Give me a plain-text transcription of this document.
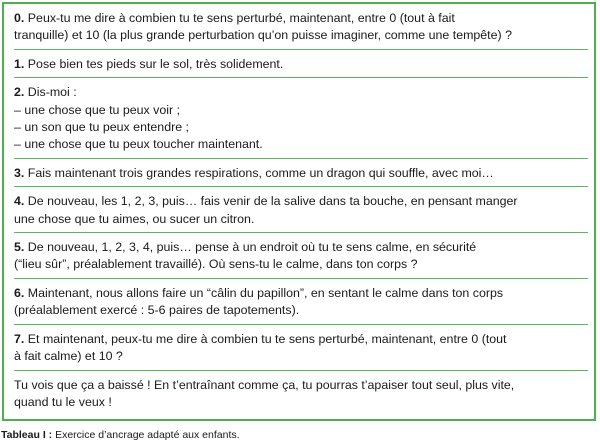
0. Peux-tu me dire à combien tu te sens perturbé, maintenant, entre 0 (tout à fait
tranquille) et 10 (la plus grande perturbation qu’on puisse imaginer, comme une tempête) ?
1. Pose bien tes pieds sur le sol, très solidement.
2. Dis-moi :
– une chose que tu peux voir ;
– un son que tu peux entendre ;
– une chose que tu peux toucher maintenant.
3. Fais maintenant trois grandes respirations, comme un dragon qui souffle, avec moi…
4. De nouveau, les 1, 2, 3, puis… fais venir de la salive dans ta bouche, en pensant manger
une chose que tu aimes, ou sucer un citron.
5. De nouveau, 1, 2, 3, 4, puis… pense à un endroit où tu te sens calme, en sécurité
(“lieu sûr”, préalablement travaillé). Où sens-tu le calme, dans ton corps ?
6. Maintenant, nous allons faire un “câlin du papillon”, en sentant le calme dans ton corps
(préalablement exercé : 5-6 paires de tapotements).
7. Et maintenant, peux-tu me dire à combien tu te sens perturbé, maintenant, entre 0 (tout
à fait calme) et 10 ?
Tu vois que ça a baissé ! En t’entraînant comme ça, tu pourras t’apaiser tout seul, plus vite,
quand tu le veux !
Tableau I : Exercice d’ancrage adapté aux enfants.
